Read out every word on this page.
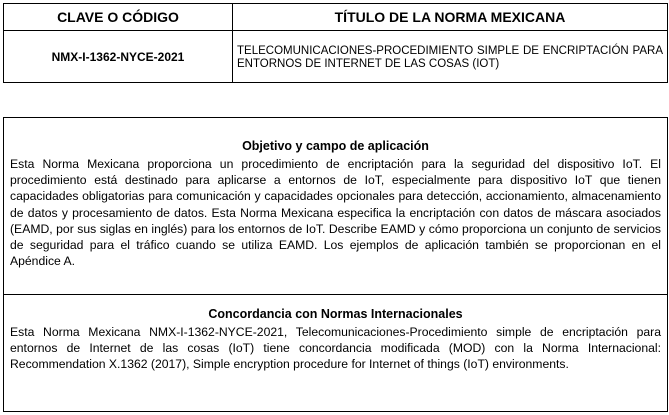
CLAVE O CÓDIGO	TÍTULO DE LA NORMA MEXICANA
NMX-I-1362-NYCE-2021	TELECOMUNICACIONES-PROCEDIMIENTO SIMPLE DE ENCRIPTACIÓN PARA ENTORNOS DE INTERNET DE LAS COSAS (IOT)

Objetivo y campo de aplicación

Esta Norma Mexicana proporciona un procedimiento de encriptación para la seguridad del dispositivo IoT. El procedimiento está destinado para aplicarse a entornos de IoT, especialmente para dispositivo IoT que tienen capacidades obligatorias para comunicación y capacidades opcionales para detección, accionamiento, almacenamiento de datos y procesamiento de datos. Esta Norma Mexicana especifica la encriptación con datos de máscara asociados (EAMD, por sus siglas en inglés) para los entornos de IoT. Describe EAMD y cómo proporciona un conjunto de servicios de seguridad para el tráfico cuando se utiliza EAMD. Los ejemplos de aplicación también se proporcionan en el Apéndice A.

Concordancia con Normas Internacionales

Esta Norma Mexicana NMX-I-1362-NYCE-2021, Telecomunicaciones-Procedimiento simple de encriptación para entornos de Internet de las cosas (IoT) tiene concordancia modificada (MOD) con la Norma Internacional: Recommendation X.1362 (2017), Simple encryption procedure for Internet of things (IoT) environments.
